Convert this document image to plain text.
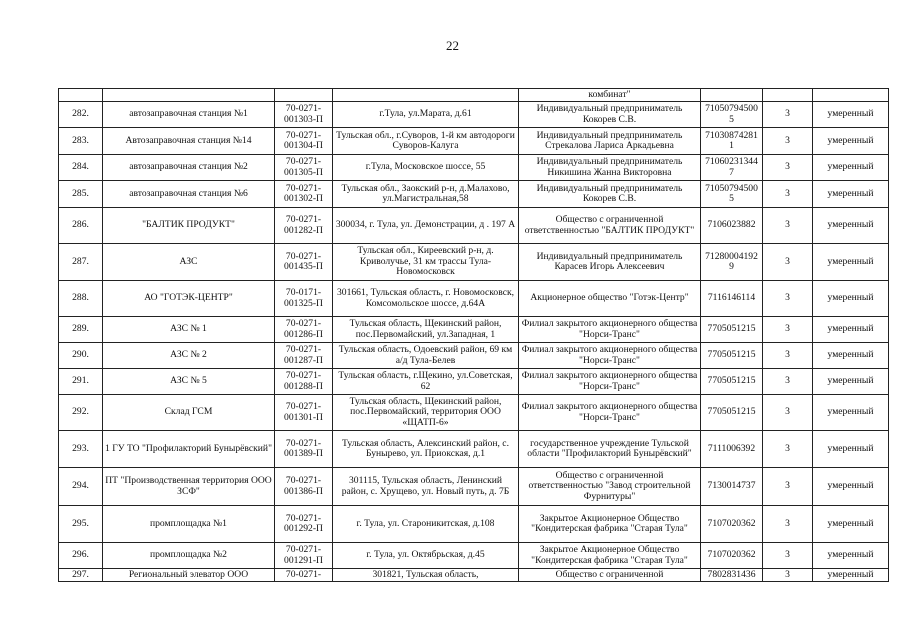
22
				комбинат"			
282.	автозаправочная станция №1	70-0271-001303-П	г.Тула, ул.Марата, д.61	Индивидуальный предприниматель Кокорев С.В.	710507945005	3	умеренный
283.	Автозаправочная станция №14	70-0271-001304-П	Тульская обл., г.Суворов, 1-й км автодороги Суворов-Калуга	Индивидуальный предприниматель Стрекалова Лариса Аркадьевна	710308742811	3	умеренный
284.	автозаправочная станция №2	70-0271-001305-П	г.Тула, Московское шоссе, 55	Индивидуальный предприниматель Никишина Жанна Викторовна	710602313447	3	умеренный
285.	автозаправочная станция №6	70-0271-001302-П	Тульская обл., Заокский р-н, д.Малахово, ул.Магистральная,58	Индивидуальный предприниматель Кокорев С.В.	710507945005	3	умеренный
286.	"БАЛТИК ПРОДУКТ"	70-0271-001282-П	300034, г. Тула, ул. Демонстрации, д . 197 А	Общество с ограниченной ответственностью "БАЛТИК ПРОДУКТ"	7106023882	3	умеренный
287.	АЗС	70-0271-001435-П	Тульская обл., Киреевский р-н, д. Криволучье, 31 км трассы Тула-Новомосковск	Индивидуальный предприниматель Карасев Игорь Алексеевич	712800041929	3	умеренный
288.	АО "ГОТЭК-ЦЕНТР"	70-0171-001325-П	301661, Тульская область, г. Новомосковск, Комсомольское шоссе, д.64А	Акционерное общество "Готэк-Центр"	7116146114	3	умеренный
289.	АЗС № 1	70-0271-001286-П	Тульская область, Щекинский район, пос.Первомайский, ул.Западная, 1	Филиал закрытого акционерного общества "Норси-Транс"	7705051215	3	умеренный
290.	АЗС № 2	70-0271-001287-П	Тульская область, Одоевский район, 69 км а/д Тула-Белев	Филиал закрытого акционерного общества "Норси-Транс"	7705051215	3	умеренный
291.	АЗС № 5	70-0271-001288-П	Тульская область, г.Щекино, ул.Советская, 62	Филиал закрытого акционерного общества "Норси-Транс"	7705051215	3	умеренный
292.	Склад ГСМ	70-0271-001301-П	Тульская область, Щекинский район, пос.Первомайский, территория ООО «ЩАТП-6»	Филиал закрытого акционерного общества "Норси-Транс"	7705051215	3	умеренный
293.	1 ГУ ТО "Профилакторий Бунырёвский"	70-0271-001389-П	Тульская область, Алексинский район, с. Бунырево, ул. Приокская, д.1	государственное учреждение Тульской области "Профилакторий Бунырёвский"	7111006392	3	умеренный
294.	ПТ "Производственная территория ООО ЗСФ"	70-0271-001386-П	301115, Тульская область, Ленинский район, с. Хрущево, ул. Новый путь, д. 7Б	Общество с ограниченной ответственностью "Завод строительной Фурнитуры"	7130014737	3	умеренный
295.	промплощадка №1	70-0271-001292-П	г. Тула, ул. Староникитская, д.108	Закрытое Акционерное Общество "Кондитерская фабрика "Старая Тула"	7107020362	3	умеренный
296.	промплощадка №2	70-0271-001291-П	г. Тула, ул. Октябрьская, д.45	Закрытое Акционерное Общество "Кондитерская фабрика "Старая Тула"	7107020362	3	умеренный
297.	Региональный элеватор ООО	70-0271-	301821, Тульская область,	Общество с ограниченной	7802831436	3	умеренный
